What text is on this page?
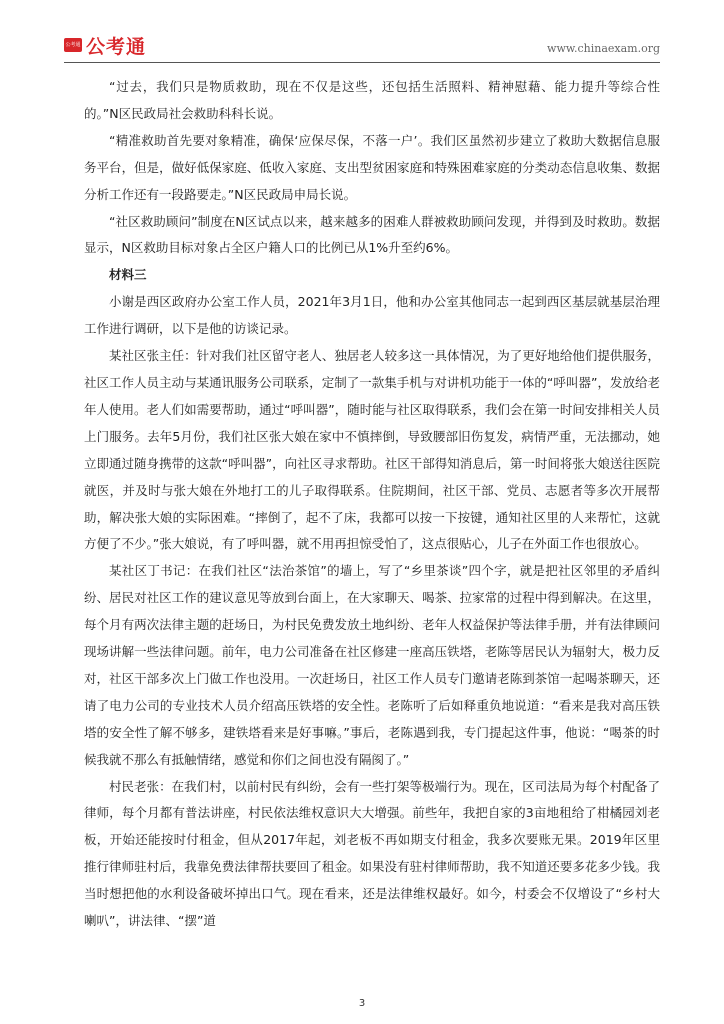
公考通 公考通	www.chinaexam.org

“过去，我们只是物质救助，现在不仅是这些，还包括生活照料、精神慰藉、能力提升等综合性的。”N区民政局社会救助科科长说。

“精准救助首先要对象精准，确保‘应保尽保，不落一户’。我们区虽然初步建立了救助大数据信息服务平台，但是，做好低保家庭、低收入家庭、支出型贫困家庭和特殊困难家庭的分类动态信息收集、数据分析工作还有一段路要走。”N区民政局申局长说。

“社区救助顾问”制度在N区试点以来，越来越多的困难人群被救助顾问发现，并得到及时救助。数据显示，N区救助目标对象占全区户籍人口的比例已从1%升至约6%。

材料三

小谢是西区政府办公室工作人员，2021年3月1日，他和办公室其他同志一起到西区基层就基层治理工作进行调研，以下是他的访谈记录。

某社区张主任：针对我们社区留守老人、独居老人较多这一具体情况，为了更好地给他们提供服务，社区工作人员主动与某通讯服务公司联系，定制了一款集手机与对讲机功能于一体的“呼叫器”，发放给老年人使用。老人们如需要帮助，通过“呼叫器”，随时能与社区取得联系，我们会在第一时间安排相关人员上门服务。去年5月份，我们社区张大娘在家中不慎摔倒，导致腰部旧伤复发，病情严重，无法挪动，她立即通过随身携带的这款“呼叫器”，向社区寻求帮助。社区干部得知消息后，第一时间将张大娘送往医院就医，并及时与张大娘在外地打工的儿子取得联系。住院期间，社区干部、党员、志愿者等多次开展帮助，解决张大娘的实际困难。“摔倒了，起不了床，我都可以按一下按键，通知社区里的人来帮忙，这就方便了不少。”张大娘说，有了呼叫器，就不用再担惊受怕了，这点很贴心，儿子在外面工作也很放心。

某社区丁书记：在我们社区“法治茶馆”的墙上，写了“乡里茶谈”四个字，就是把社区邻里的矛盾纠纷、居民对社区工作的建议意见等放到台面上，在大家聊天、喝茶、拉家常的过程中得到解决。在这里，每个月有两次法律主题的赶场日，为村民免费发放土地纠纷、老年人权益保护等法律手册，并有法律顾问现场讲解一些法律问题。前年，电力公司准备在社区修建一座高压铁塔，老陈等居民认为辐射大，极力反对，社区干部多次上门做工作也没用。一次赶场日，社区工作人员专门邀请老陈到茶馆一起喝茶聊天，还请了电力公司的专业技术人员介绍高压铁塔的安全性。老陈听了后如释重负地说道：“看来是我对高压铁塔的安全性了解不够多，建铁塔看来是好事嘛。”事后，老陈遇到我，专门提起这件事，他说：“喝茶的时候我就不那么有抵触情绪，感觉和你们之间也没有隔阂了。”

村民老张：在我们村，以前村民有纠纷，会有一些打架等极端行为。现在，区司法局为每个村配备了律师，每个月都有普法讲座，村民依法维权意识大大增强。前些年，我把自家的3亩地租给了柑橘园刘老板，开始还能按时付租金，但从2017年起，刘老板不再如期支付租金，我多次要账无果。2019年区里推行律师驻村后，我靠免费法律帮扶要回了租金。如果没有驻村律师帮助，我不知道还要多花多少钱。我当时想把他的水利设备破坏掉出口气。现在看来，还是法律维权最好。如今，村委会不仅增设了“乡村大喇叭”，讲法律、“摆”道

3
